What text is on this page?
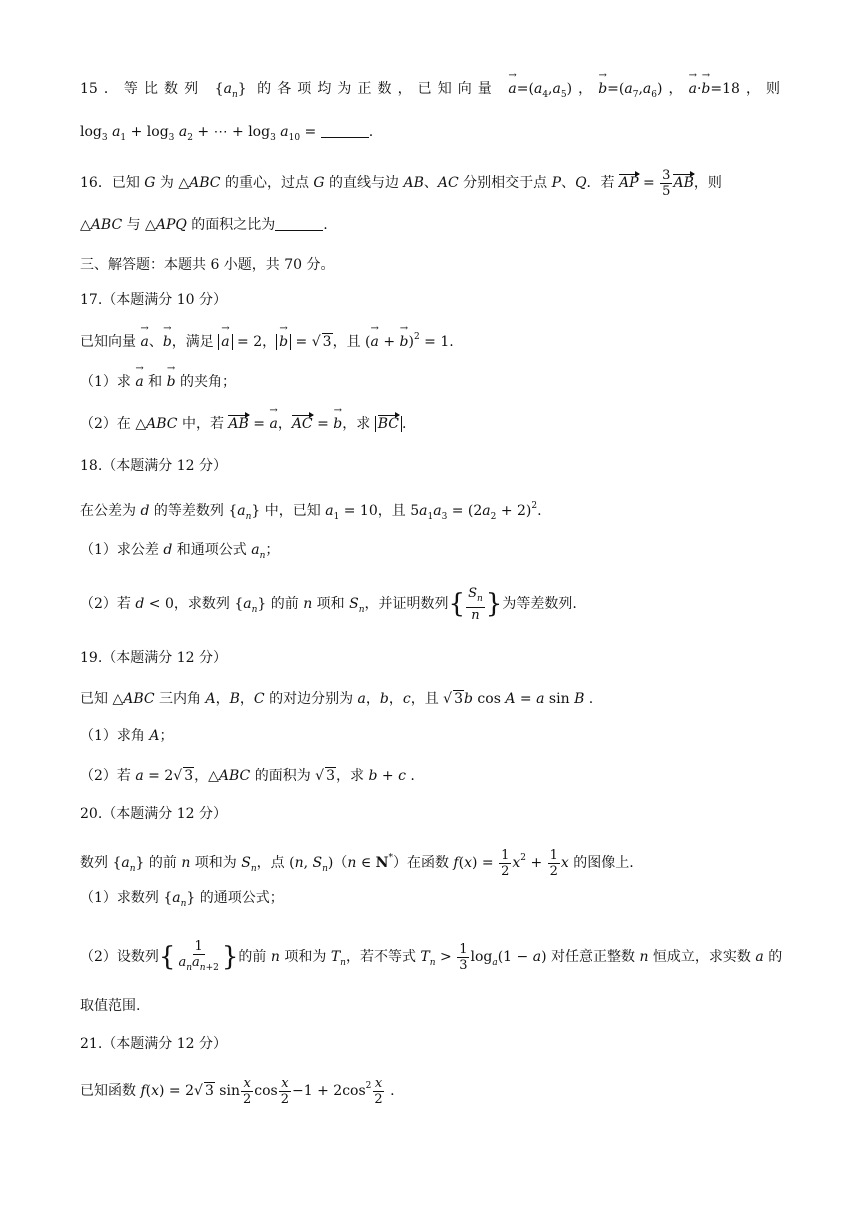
15．等比数列 $\{a_n\}$ 的各项均为正数，已知向量 → $a=(a_4,a_5)$，→ $b=(a_7,a_6)$，→ a·→ b=18，则
$\log_3 a_1 + \log_3 a_2$ + ⋯ + $\log_3 a_{10}$ =	.
16．已知 G 为 △ABC 的重心，过点 G 的直线与边 AB、AC 分别相交于点 P、Q．若 AP = $\frac{3}{5}$ AB，则
△ABC 与 △APQ 的面积之比为	.
三、解答题：本题共 6 小题，共 70 分。
17.（本题满分 10 分）
已知向量 → a、→ b，满足 → a = 2，→ b = √ 3，且 (→ a + → b)$^2$ = 1.
（1）求 → a 和 → b 的夹角；
（2）在 △ABC 中，若 AB = → a，AC = → b，求 BC .
18.（本题满分 12 分）
在公差为 d 的等差数列 $\{a_n\}$ 中，已知 $a_1 = 10$，且 $5a_1a_3 = (2a_2 + 2)^2$.
（1）求公差 d 和通项公式 $a_n$；
（2）若 d < 0，求数列 $\{a_n\}$ 的前 n 项和 $S_n$，并证明数列{ $\frac{S_n}{n}$ }为等差数列.
19.（本题满分 12 分）
已知 △ABC 三内角 A，B，C 的对边分别为 a，b，c，且 √ 3b cos A = a sin B .
（1）求角 A；
（2）若 a = 2√ 3，△ABC 的面积为 √ 3，求 b + c .
20.（本题满分 12 分）
数列 $\{a_n\}$ 的前 n 项和为 $S_n$，点 (n, $S_n)(n$ ∈ N*）在函数 $f(x) = \frac{1}{2} x^2 + \frac{1}{2}$ x 的图像上.
（1）求数列 $\{a_n\}$ 的通项公式；
（2）设数列{ $\frac{1}{a_na_{n+2}}$ }的前 n 项和为 $T_n$，若不等式 $T_n > \frac{1}{3} \log_a(1 - a)$ 对任意正整数 n 恒成立，求实数 a 的
取值范围.
21.（本题满分 12 分）
已知函数 f(x) = 2√ 3 $\sin \frac{x}{2}$ $\cos \frac{x}{2} -1 + 2\cos^2 \frac{x}{2}$ .
